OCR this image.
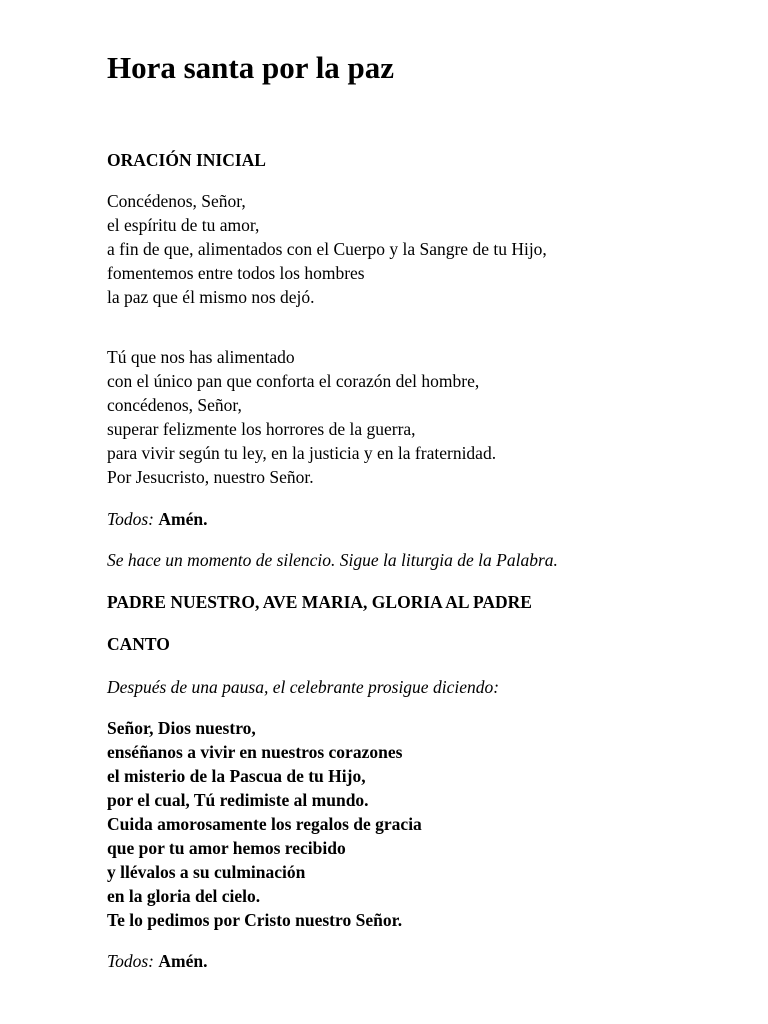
Hora santa por la paz
ORACIÓN INICIAL
Concédenos, Señor,
el espíritu de tu amor,
a fin de que, alimentados con el Cuerpo y la Sangre de tu Hijo,
fomentemos entre todos los hombres
la paz que él mismo nos dejó.
Tú que nos has alimentado
con el único pan que conforta el corazón del hombre,
concédenos, Señor,
superar felizmente los horrores de la guerra,
para vivir según tu ley, en la justicia y en la fraternidad.
Por Jesucristo, nuestro Señor.
Todos: Amén.
Se hace un momento de silencio. Sigue la liturgia de la Palabra.
PADRE NUESTRO, AVE MARIA, GLORIA AL PADRE
CANTO
Después de una pausa, el celebrante prosigue diciendo:
Señor, Dios nuestro,
enséñanos a vivir en nuestros corazones
el misterio de la Pascua de tu Hijo,
por el cual, Tú redimiste al mundo.
Cuida amorosamente los regalos de gracia
que por tu amor hemos recibido
y llévalos a su culminación
en la gloria del cielo.
Te lo pedimos por Cristo nuestro Señor.
Todos: Amén.
